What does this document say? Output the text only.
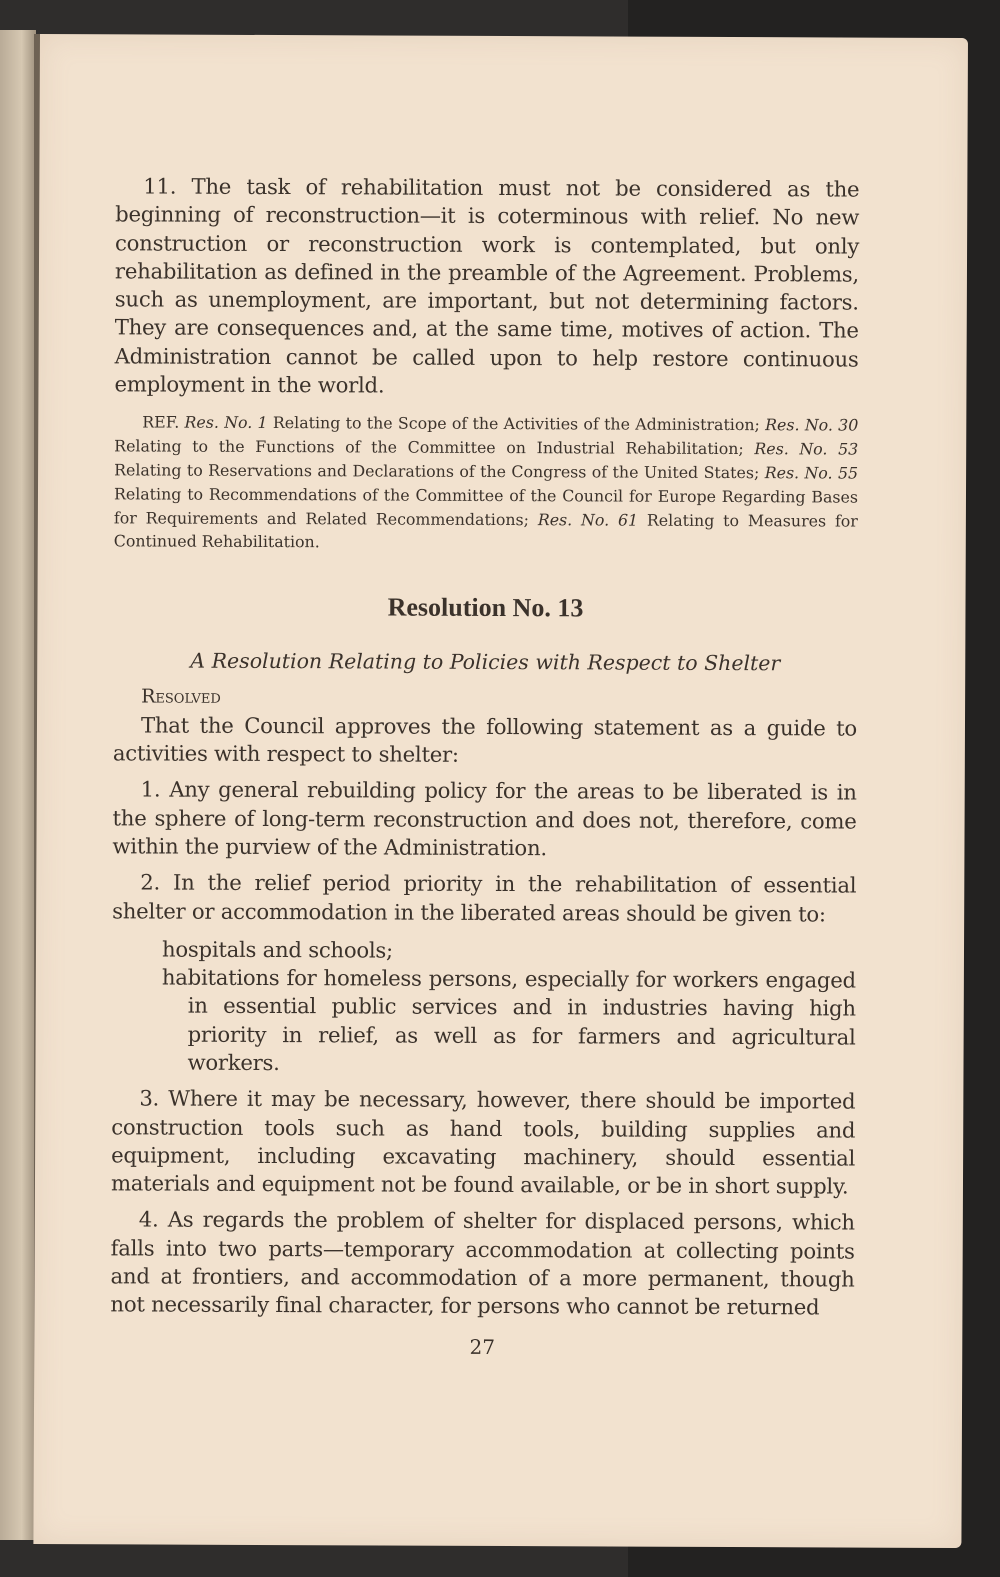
11. The task of rehabilitation must not be considered as the beginning of reconstruction—it is coterminous with relief. No new construction or reconstruction work is contemplated, but only rehabilitation as defined in the preamble of the Agreement. Problems, such as unemployment, are important, but not determining factors. They are consequences and, at the same time, motives of action. The Administration cannot be called upon to help restore continuous employment in the world.

REF. Res. No. 1 Relating to the Scope of the Activities of the Administration; Res. No. 30 Relating to the Functions of the Committee on Industrial Rehabilitation; Res. No. 53 Relating to Reservations and Declarations of the Congress of the United States; Res. No. 55 Relating to Recommendations of the Committee of the Council for Europe Regarding Bases for Requirements and Related Recommendations; Res. No. 61 Relating to Measures for Continued Rehabilitation.

Resolution No. 13

A Resolution Relating to Policies with Respect to Shelter

Resolved

That the Council approves the following statement as a guide to activities with respect to shelter:

1. Any general rebuilding policy for the areas to be liberated is in the sphere of long-term reconstruction and does not, therefore, come within the purview of the Administration.

2. In the relief period priority in the rehabilitation of essential shelter or accommodation in the liberated areas should be given to:

hospitals and schools;

habitations for homeless persons, especially for workers engaged in essential public services and in industries having high priority in relief, as well as for farmers and agricultural workers.

3. Where it may be necessary, however, there should be imported construction tools such as hand tools, building supplies and equipment, including excavating machinery, should essential materials and equipment not be found available, or be in short supply.

4. As regards the problem of shelter for displaced persons, which falls into two parts—temporary accommodation at collecting points and at frontiers, and accommodation of a more permanent, though not necessarily final character, for persons who cannot be returned

27
